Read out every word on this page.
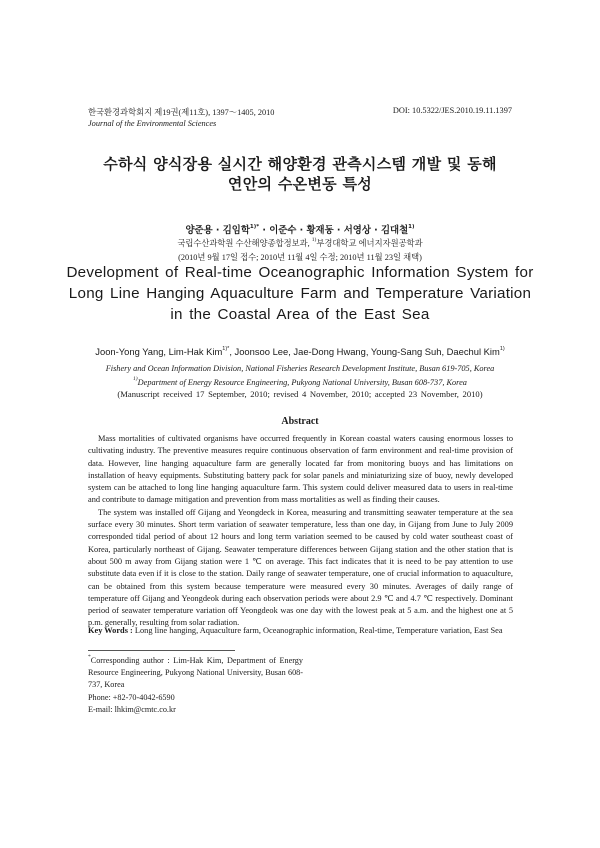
한국환경과학회지 제19권(제11호), 1397～1405, 2010	DOI: 10.5322/JES.2010.19.11.1397
Journal of the Environmental Sciences
수하식 양식장용 실시간 해양환경 관측시스템 개발 및 동해
연안의 수온변동 특성
양준용 · 김임학$^{1)*}$ · 이준수 · 황재동 · 서영상 · 김대철$^{1)}$
국립수산과학원 수산해양종합정보과, $^{1)}$부경대학교 에너지자원공학과
(2010년 9월 17일 접수; 2010년 11월 4일 수정; 2010년 11월 23일 채택)
Development of Real-time Oceanographic Information System for
Long Line Hanging Aquaculture Farm and Temperature Variation
in the Coastal Area of the East Sea
Joon-Yong Yang, Lim-Hak Kim$^{1)*}$, Joonsoo Lee, Jae-Dong Hwang, Young-Sang Suh, Daechul Kim$^{1)}$
Fishery and Ocean Information Division, National Fisheries Research Development Institute, Busan 619-705, Korea
$^{1)}$Department of Energy Resource Engineering, Pukyong National University, Busan 608-737, Korea
(Manuscript received 17 September, 2010; revised 4 November, 2010; accepted 23 November, 2010)
Abstract

Mass mortalities of cultivated organisms have occurred frequently in Korean coastal waters causing enormous losses to cultivating industry. The preventive measures require continuous observation of farm environment and real-time provision of data. However, line hanging aquaculture farm are generally located far from monitoring buoys and has limitations on installation of heavy equipments. Substituting battery pack for solar panels and miniaturizing size of buoy, newly developed system can be attached to long line hanging aquaculture farm. This system could deliver measured data to users in real-time and contribute to damage mitigation and prevention from mass mortalities as well as finding their causes.

The system was installed off Gijang and Yeongdeck in Korea, measuring and transmitting seawater temperature at the sea surface every 30 minutes. Short term variation of seawater temperature, less than one day, in Gijang from June to July 2009 corresponded tidal period of about 12 hours and long term variation seemed to be caused by cold water southeast coast of Korea, particularly northeast of Gijang. Seawater temperature differences between Gijang station and the other station that is about 500 m away from Gijang station were 1 ℃ on average. This fact indicates that it is need to be pay attention to use substitute data even if it is close to the station. Daily range of seawater temperature, one of crucial information to aquaculture, can be obtained from this system because temperature were measured every 30 minutes. Averages of daily range of temperature off Gijang and Yeongdeok during each observation periods were about 2.9 ℃ and 4.7 ℃ respectively. Dominant period of seawater temperature variation off Yeongdeok was one day with the lowest peak at 5 a.m. and the highest one at 5 p.m. generally, resulting from solar radiation.

Key Words : Long line hanging, Aquaculture farm, Oceanographic information, Real-time, Temperature variation, East Sea
*Corresponding author : Lim-Hak Kim, Department of Energy Resource Engineering, Pukyong National University, Busan 608-737, Korea
Phone: +82-70-4042-6590
E-mail: lhkim@cmtc.co.kr
